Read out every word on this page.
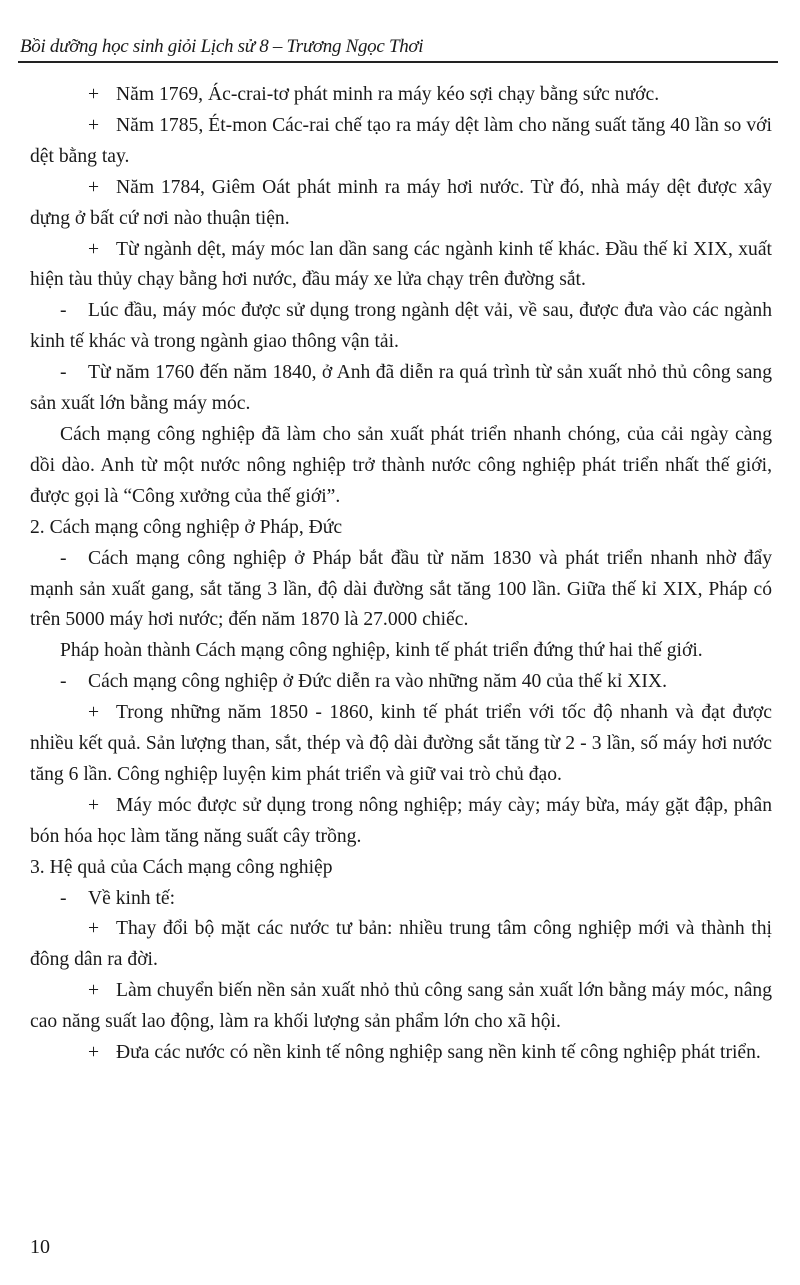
Bồi dưỡng học sinh giỏi Lịch sử 8 – Trương Ngọc Thơi

+ Năm 1769, Ác-crai-tơ phát minh ra máy kéo sợi chạy bằng sức nước.

+ Năm 1785, Ét-mon Các-rai chế tạo ra máy dệt làm cho năng suất tăng 40 lần so với dệt bằng tay.

+ Năm 1784, Giêm Oát phát minh ra máy hơi nước. Từ đó, nhà máy dệt được xây dựng ở bất cứ nơi nào thuận tiện.

+ Từ ngành dệt, máy móc lan dần sang các ngành kinh tế khác. Đầu thế kỉ XIX, xuất hiện tàu thủy chạy bằng hơi nước, đầu máy xe lửa chạy trên đường sắt.

- Lúc đầu, máy móc được sử dụng trong ngành dệt vải, về sau, được đưa vào các ngành kinh tế khác và trong ngành giao thông vận tải.

- Từ năm 1760 đến năm 1840, ở Anh đã diễn ra quá trình từ sản xuất nhỏ thủ công sang sản xuất lớn bằng máy móc.

Cách mạng công nghiệp đã làm cho sản xuất phát triển nhanh chóng, của cải ngày càng dồi dào. Anh từ một nước nông nghiệp trở thành nước công nghiệp phát triển nhất thế giới, được gọi là “Công xưởng của thế giới”.

2. Cách mạng công nghiệp ở Pháp, Đức

- Cách mạng công nghiệp ở Pháp bắt đầu từ năm 1830 và phát triển nhanh nhờ đẩy mạnh sản xuất gang, sắt tăng 3 lần, độ dài đường sắt tăng 100 lần. Giữa thế kỉ XIX, Pháp có trên 5000 máy hơi nước; đến năm 1870 là 27.000 chiếc.

Pháp hoàn thành Cách mạng công nghiệp, kinh tế phát triển đứng thứ hai thế giới.

- Cách mạng công nghiệp ở Đức diễn ra vào những năm 40 của thế kỉ XIX.

+ Trong những năm 1850 - 1860, kinh tế phát triển với tốc độ nhanh và đạt được nhiều kết quả. Sản lượng than, sắt, thép và độ dài đường sắt tăng từ 2 - 3 lần, số máy hơi nước tăng 6 lần. Công nghiệp luyện kim phát triển và giữ vai trò chủ đạo.

+ Máy móc được sử dụng trong nông nghiệp; máy cày; máy bừa, máy gặt đập, phân bón hóa học làm tăng năng suất cây trồng.

3. Hệ quả của Cách mạng công nghiệp

- Về kinh tế:

+ Thay đổi bộ mặt các nước tư bản: nhiều trung tâm công nghiệp mới và thành thị đông dân ra đời.

+ Làm chuyển biến nền sản xuất nhỏ thủ công sang sản xuất lớn bằng máy móc, nâng cao năng suất lao động, làm ra khối lượng sản phẩm lớn cho xã hội.

+ Đưa các nước có nền kinh tế nông nghiệp sang nền kinh tế công nghiệp phát triển.

10
